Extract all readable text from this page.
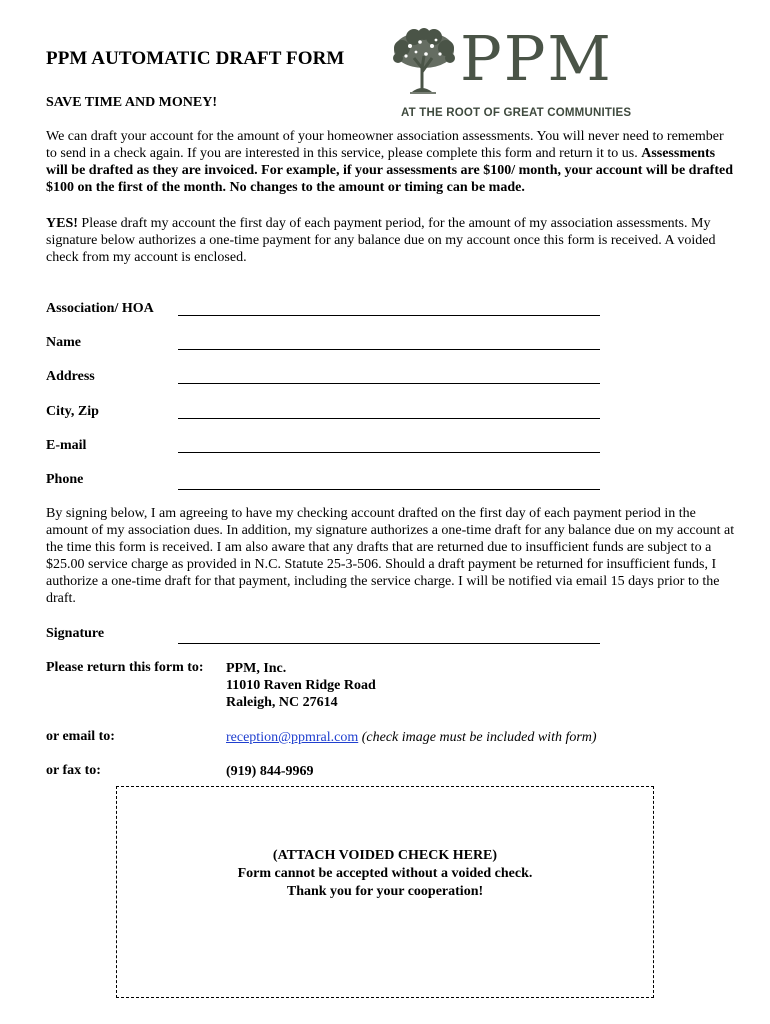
PPM AUTOMATIC DRAFT FORM
SAVE TIME AND MONEY!
PPM
AT THE ROOT OF GREAT COMMUNITIES
We can draft your account for the amount of your homeowner association assessments. You will never need to remember to send in a check again. If you are interested in this service, please complete this form and return it to us. Assessments will be drafted as they are invoiced. For example, if your assessments are $100/ month, your account will be drafted $100 on the first of the month. No changes to the amount or timing can be made.
YES! Please draft my account the first day of each payment period, for the amount of my association assessments. My signature below authorizes a one-time payment for any balance due on my account once this form is received. A voided check from my account is enclosed.
Association/ HOA
Name
Address
City, Zip
E-mail
Phone
By signing below, I am agreeing to have my checking account drafted on the first day of each payment period in the amount of my association dues. In addition, my signature authorizes a one-time draft for any balance due on my account at the time this form is received. I am also aware that any drafts that are returned due to insufficient funds are subject to a $25.00 service charge as provided in N.C. Statute 25-3-506. Should a draft payment be returned for insufficient funds, I authorize a one-time draft for that payment, including the service charge. I will be notified via email 15 days prior to the draft.
Signature
Please return this form to: PPM, Inc.
11010 Raven Ridge Road
Raleigh, NC 27614
or email to:	reception@ppmral.com (check image must be included with form)
or fax to:	(919) 844-9969
(ATTACH VOIDED CHECK HERE)
Form cannot be accepted without a voided check.
Thank you for your cooperation!
